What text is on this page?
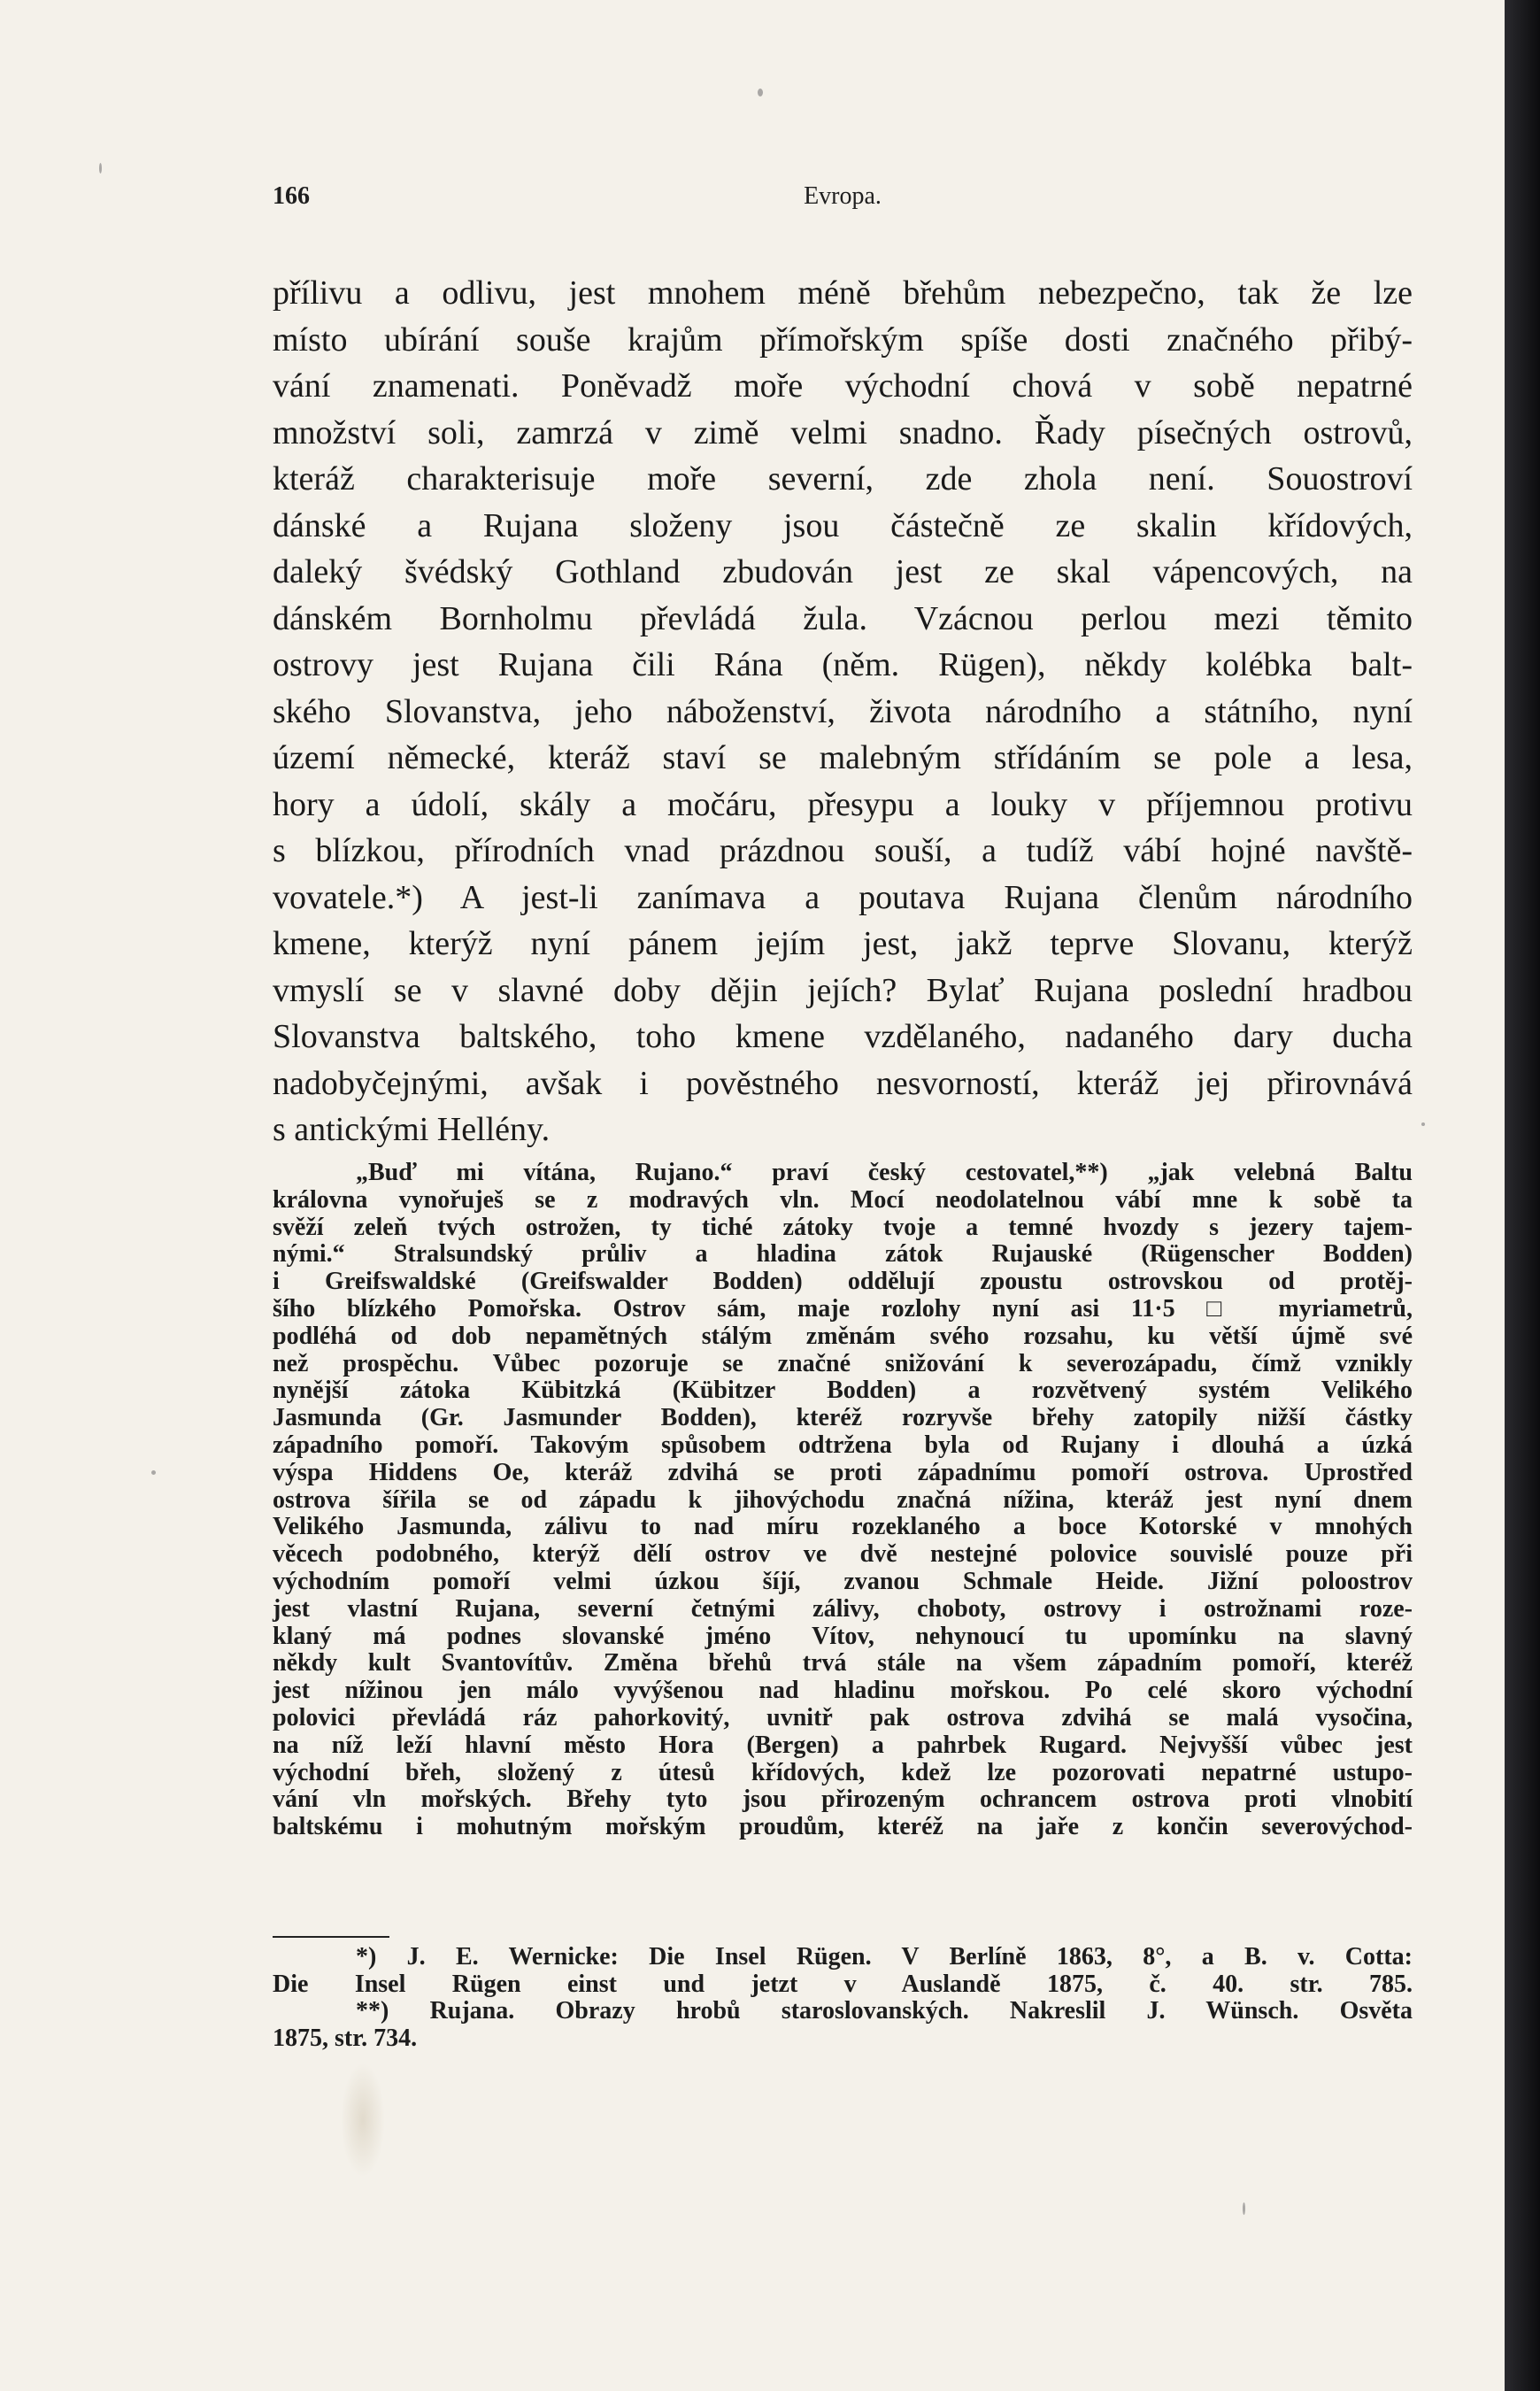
166	Evropa.
přílivu a odlivu, jest mnohem méně břehům nebezpečno, tak že lze
místo ubírání souše krajům přímořským spíše dosti značného přibý-
vání znamenati. Poněvadž moře východní chová v sobě nepatrné
množství soli, zamrzá v zimě velmi snadno. Řady písečných ostrovů,
kteráž charakterisuje moře severní, zde zhola není. Souostroví
dánské a Rujana složeny jsou částečně ze skalin křídových,
daleký švédský Gothland zbudován jest ze skal vápencových, na
dánském Bornholmu převládá žula. Vzácnou perlou mezi těmito
ostrovy jest Rujana čili Rána (něm. Rügen), někdy kolébka balt-
ského Slovanstva, jeho náboženství, života národního a státního, nyní
území německé, kteráž staví se malebným střídáním se pole a lesa,
hory a údolí, skály a močáru, přesypu a louky v příjemnou protivu
s blízkou, přírodních vnad prázdnou souší, a tudíž vábí hojné navště-
vovatele.*) A jest-li zanímava a poutava Rujana členům národního
kmene, kterýž nyní pánem jejím jest, jakž teprve Slovanu, kterýž
vmyslí se v slavné doby dějin jejích? Bylať Rujana poslední hradbou
Slovanstva baltského, toho kmene vzdělaného, nadaného dary ducha
nadobyčejnými, avšak i pověstného nesvorností, kteráž jej přirovnává
s antickými Hellény.
„Buď mi vítána, Rujano.“ praví český cestovatel,**) „jak velebná Baltu
královna vynořuješ se z modravých vln. Mocí neodolatelnou vábí mne k sobě ta
svěží zeleň tvých ostrožen, ty tiché zátoky tvoje a temné hvozdy s jezery tajem-
nými.“ Stralsundský průliv a hladina zátok Rujauské (Rügenscher Bodden)
i Greifswaldské (Greifswalder Bodden) oddělují zpoustu ostrovskou od protěj-
šího blízkého Pomořska. Ostrov sám, maje rozlohy nyní asi 11·5 □ myriametrů,
podléhá od dob nepamětných stálým změnám svého rozsahu, ku větší újmě své
než prospěchu. Vůbec pozoruje se značné snižování k severozápadu, čímž vznikly
nynější zátoka Kübitzká (Kübitzer Bodden) a rozvětvený systém Velikého
Jasmunda (Gr. Jasmunder Bodden), kteréž rozryvše břehy zatopily nižší částky
západního pomoří. Takovým spůsobem odtržena byla od Rujany i dlouhá a úzká
výspa Hiddens Oe, kteráž zdvihá se proti západnímu pomoří ostrova. Uprostřed
ostrova šířila se od západu k jihovýchodu značná nížina, kteráž jest nyní dnem
Velikého Jasmunda, zálivu to nad míru rozeklaného a boce Kotorské v mnohých
věcech podobného, kterýž dělí ostrov ve dvě nestejné polovice souvislé pouze při
východním pomoří velmi úzkou šíjí, zvanou Schmale Heide. Jižní poloostrov
jest vlastní Rujana, severní četnými zálivy, choboty, ostrovy i ostrožnami roze-
klaný má podnes slovanské jméno Vítov, nehynoucí tu upomínku na slavný
někdy kult Svantovítův. Změna břehů trvá stále na všem západním pomoří, kteréž
jest nížinou jen málo vyvýšenou nad hladinu mořskou. Po celé skoro východní
polovici převládá ráz pahorkovitý, uvnitř pak ostrova zdvihá se malá vysočina,
na níž leží hlavní město Hora (Bergen) a pahrbek Rugard. Nejvyšší vůbec jest
východní břeh, složený z útesů křídových, kdež lze pozorovati nepatrné ustupo-
vání vln mořských. Břehy tyto jsou přirozeným ochrancem ostrova proti vlnobití
baltskému i mohutným mořským proudům, kteréž na jaře z končin severovýchod-
*) J. E. Wernicke: Die Insel Rügen. V Berlíně 1863, 8°, a B. v. Cotta:
Die Insel Rügen einst und jetzt v Auslandě 1875, č. 40. str. 785.
**) Rujana. Obrazy hrobů staroslovanských. Nakreslil J. Wünsch. Osvěta
1875, str. 734.
